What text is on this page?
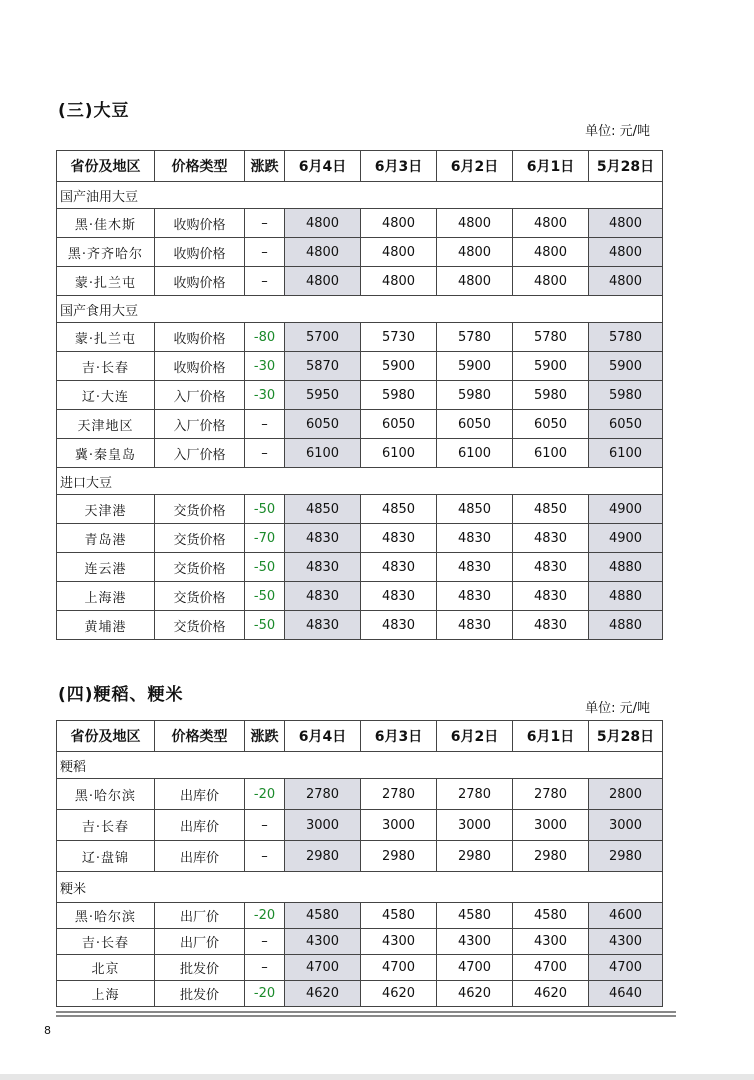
(三)大豆
单位: 元/吨
省份及地区	价格类型	涨跌	6月4日	6月3日	6月2日	6月1日	5月28日
国产油用大豆							
黑·佳木斯	收购价格	–	4800	4800	4800	4800	4800
黑·齐齐哈尔	收购价格	–	4800	4800	4800	4800	4800
蒙·扎兰屯	收购价格	–	4800	4800	4800	4800	4800
国产食用大豆							
蒙·扎兰屯	收购价格	-80	5700	5730	5780	5780	5780
吉·长春	收购价格	-30	5870	5900	5900	5900	5900
辽·大连	入厂价格	-30	5950	5980	5980	5980	5980
天津地区	入厂价格	–	6050	6050	6050	6050	6050
冀·秦皇岛	入厂价格	–	6100	6100	6100	6100	6100
进口大豆							
天津港	交货价格	-50	4850	4850	4850	4850	4900
青岛港	交货价格	-70	4830	4830	4830	4830	4900
连云港	交货价格	-50	4830	4830	4830	4830	4880
上海港	交货价格	-50	4830	4830	4830	4830	4880
黄埔港	交货价格	-50	4830	4830	4830	4830	4880
(四)粳稻、粳米
单位: 元/吨
省份及地区	价格类型	涨跌	6月4日	6月3日	6月2日	6月1日	5月28日
粳稻							
黑·哈尔滨	出库价	-20	2780	2780	2780	2780	2800
吉·长春	出库价	–	3000	3000	3000	3000	3000
辽·盘锦	出库价	–	2980	2980	2980	2980	2980
粳米							
黑·哈尔滨	出厂价	-20	4580	4580	4580	4580	4600
吉·长春	出厂价	–	4300	4300	4300	4300	4300
北京	批发价	–	4700	4700	4700	4700	4700
上海	批发价	-20	4620	4620	4620	4620	4640
8
